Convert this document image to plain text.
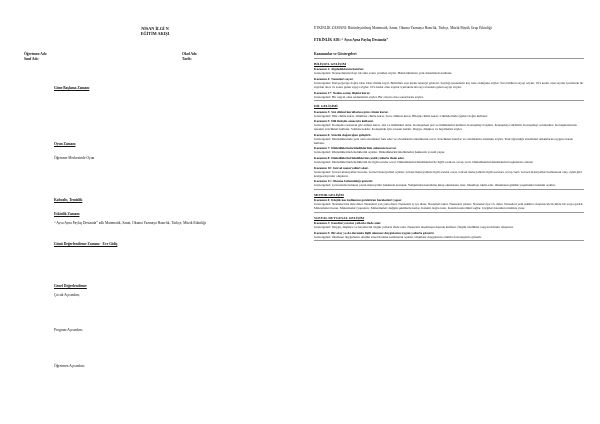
NİSAN İLGİ N
EĞİTİM AKIŞI
Öğretmen Adı:
Sınıf Adı:
Okul Adı:
Tarih:
Güne Başlama Zamanı
Oyun Zamanı
Öğrenme Merkezinde Oyun
Kahvaltı, Temizlik
Etkinlik Zamanı
“ Aysu Ayna Paylaş Destanda” adlı Matematik, Sanat, Okuma Yazmaya Hazırlık, Türkçe, Müzik Etkinliği
Günü Değerlendirme Zamanı - Eve Gidiş
Genel Değerlendirme
Çocuk Açısından;
Program Açısından;
Öğretmen Açısından;
ETKİNLİK ZAMANI: Bütünleştirilmiş Matematik, Sanat, Okuma Yazmaya Hazırlık, Türkçe, Müzik Büyük Grup Etkinliği
ETKİNLİK ADI: “ Aysu Ayna Paylaş Destanda”
Kazanımlar ve Göstergeleri
BİLİŞSEL GELİŞİM
Kazanım 1: Algıladıklarını hatırlar.
Göstergeleri: Nesne/durum/olayı bir süre sonra yeniden söyler. Hatırladıklarını yeni durumlarda kullanır.
Kazanım 4: Nesneleri sayar.
Göstergeleri: İleriye/geriye doğru birer birer ritmik sayar. Belirtilen sayı kadar nesneyi gösterir. Saydığı nesnelerin kaç tane olduğunu söyler. Sıra bildiren sayıyı söyler. 10'a kadar olan sayılar içerisinde bir sayıdan önce ve sonra gelen sayıyı söyler. 10'a kadar olan sayılar içerisinde iki sayı arasında gelen sayıyı söyler.
Kazanım 17: Neden-sonuç ilişkisi kurar.
Göstergeleri: Bir olayın olası nedenlerini söyler. Bir olayın olası sonuçlarını söyler.
DİL GELİŞİMİ
Kazanım 3: Söz dizimi kurallarına göre cümle kurar.
Göstergeleri: Düz cümle kurar. Olumsuz cümle kurar. Soru cümlesi kurar. Bileşik cümle kurar. Cümlelerinde öğeleri doğru kullanır.
Kazanım 5: Dili iletişim amacıyla kullanır.
Göstergeleri: Konuşma sırasında göz teması kurar. Jest ve mimikleri anlar. Konuşurken jest ve mimiklerini kullanır. Konuşmayı başlatır. Konuşmayı sürdürür. Konuşmayı sonlandırır. Konuşmalarında nezaket sözcükleri kullanır. Sohbete katılır. Konuşmak için sırasını bekler. Duygu, düşünce ve hayallerini söyler.
Kazanım 6: Sözcük dağarcığını geliştirir.
Göstergeleri: Dinlediklerinde yeni olan sözcükleri fark eder ve sözcüklerin anlamlarını sorar. Sözcükleri hatırlar ve sözcüklerin anlamını söyler. Yeni öğrendiği sözcükleri anlamlarına uygun olarak kullanır.
Kazanım 7: Dinlediklerinin/izlediklerinin anlamını kavrar.
Göstergeleri: Dinlediklerini/izlediklerini açıklar. Dinlediklerini/izlediklerini hakkında yorum yapar.
Kazanım 8: Dinlediklerini/izlediklerini çeşitli yollarla ifade eder.
Göstergeleri: Dinlediklerini/izlediklerini ile ilgili sorular sorar. Dinlediklerini/izlediklerini ile ilgili sorulara cevap verir. Dinlediklerini/izlediklerini başkalarına anlatır.
Kazanım 10: Görsel materyalleri okur.
Göstergeleri: Görsel materyalleri inceler. Görsel materyalleri açıklar. Görsel materyallerle ilgili sorular sorar. Görsel materyallerle ilgili sorulara cevap verir. Görsel materyalleri kullanarak olay, öykü gibi kompozisyonlar oluşturur.
Kazanım 11: Okuma farkındalığı gösterir.
Göstergeleri: Çevresinde bulunan yazılı materyaller hakkında konuşur. Yetişkinden kendisine kitap okumasını ister. Okumayı taklit eder. Okumanın günlük yaşamdaki önemini açıklar.
MOTOR GELİŞİM
Kazanım 4: Küçük kas kullanımı gerektiren hareketleri yapar.
Göstergeleri: Nesneleri üst üste dizer. Nesneleri yan yana dizer. Nesneleri iç içe dizer. Nesneleri takar. Nesneleri çıkarır. Nesneleri ipe vb. dizer. Nesneleri yeni şekiller oluşturacak biçimde bir araya getirir. Malzemeleri keser. Malzemeleri yapıştırır. Malzemeleri değişik şekillerde katlar. Kalemi doğru tutar. Kalem kontrolünü sağlar. Çizgileri istenilen nitelikte çizer.
SOSYAL DUYGUSAL GELİŞİM
Kazanım 3: Kendini yaratıcı yollarla ifade eder.
Göstergeleri: Duygu, düşünce ve hayallerini özgün yollarla ifade eder. Nesneleri alışılmışın dışında kullanır. Özgün özellikler taşıyan ürünler oluşturur.
Kazanım 5: Bir olay ya da durumla ilgili olumsuz duygularını uygun yollarla gösterir.
Göstergeleri: Olumsuz duygularını olumlu sözel ifadeler kullanarak açıklar. Olumsuz duygularını olumlu davranışlarla gösterir.
